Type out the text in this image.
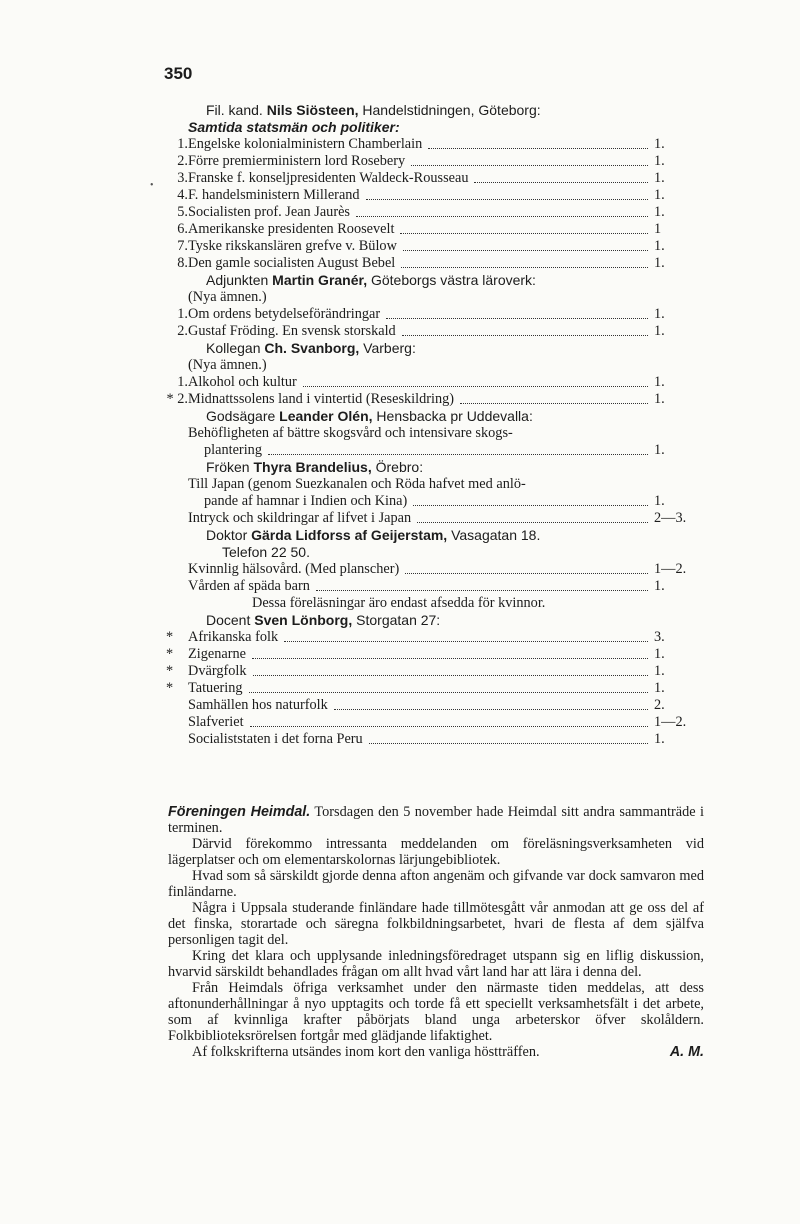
350
Fil. kand. Nils Siösteen, Handelstidningen, Göteborg:
Samtida statsmän och politiker:
1. Engelske kolonialministern Chamberlain	1.
2. Förre premierministern lord Rosebery	1.
3. Franske f. konseljpresidenten Waldeck-Rousseau	1.
4. F. handelsministern Millerand	1.
5. Socialisten prof. Jean Jaurès	1.
6. Amerikanske presidenten Roosevelt	1
7. Tyske rikskanslären grefve v. Bülow	1.
8. Den gamle socialisten August Bebel	1.
Adjunkten Martin Granér, Göteborgs västra läroverk:
(Nya ämnen.)
1. Om ordens betydelseförändringar	1.
2. Gustaf Fröding. En svensk storskald	1.
Kollegan Ch. Svanborg, Varberg:
(Nya ämnen.)
1. Alkohol och kultur	1.
* 2. Midnattssolens land i vintertid (Reseskildring)	1.
Godsägare Leander Olén, Hensbacka pr Uddevalla:
Behöfligheten af bättre skogsvård och intensivare skogs-
plantering	1.
Fröken Thyra Brandelius, Örebro:
Till Japan (genom Suezkanalen och Röda hafvet med anlö-
pande af hamnar i Indien och Kina)	1.
Intryck och skildringar af lifvet i Japan	2—3.
Doktor Gärda Lidforss af Geijerstam, Vasagatan 18.
Telefon 22 50.
Kvinnlig hälsovård. (Med planscher)	1—2.
Vården af späda barn	1.
Dessa föreläsningar äro endast afsedda för kvinnor.
Docent Sven Lönborg, Storgatan 27:
*	Afrikanska folk	3.
*	Zigenarne	1.
*	Dvärgfolk	1.
*	Tatuering	1.
Samhällen hos naturfolk	2.
Slafveriet	1—2.
Socialiststaten i det forna Peru	1.

Föreningen Heimdal. Torsdagen den 5 november hade Heimdal sitt andra sammanträde i terminen.

Därvid förekommo intressanta meddelanden om föreläsningsverksamheten vid lägerplatser och om elementarskolornas lärjungebibliotek.

Hvad som så särskildt gjorde denna afton angenäm och gifvande var dock samvaron med finländarne.

Några i Uppsala studerande finländare hade tillmötesgått vår anmodan att ge oss del af det finska, storartade och säregna folkbildningsarbetet, hvari de flesta af dem själfva personligen tagit del.

Kring det klara och upplysande inledningsföredraget utspann sig en liflig diskussion, hvarvid särskildt behandlades frågan om allt hvad vårt land har att lära i denna del.

Från Heimdals öfriga verksamhet under den närmaste tiden meddelas, att dess aftonunderhållningar å nyo upptagits och torde få ett speciellt verksamhetsfält i det arbete, som af kvinnliga krafter påbörjats bland unga arbeterskor öfver skolåldern. Folkbiblioteksrörelsen fortgår med glädjande lifaktighet.

Af folkskrifterna utsändes inom kort den vanliga höstträffen.	A. M.

•
